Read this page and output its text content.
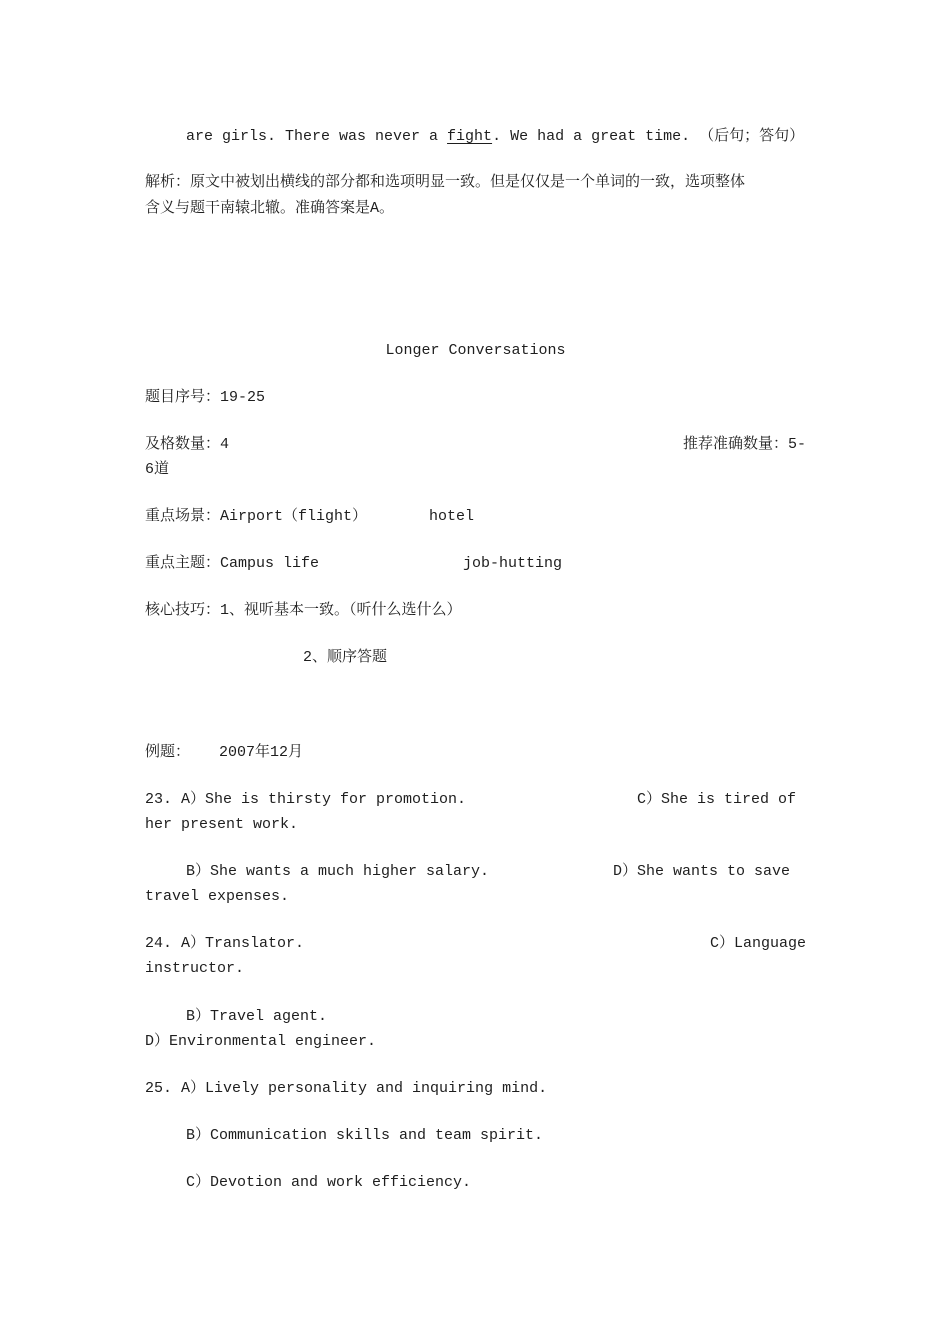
are girls. There was never a fight. We had a great time. （后句；答句）
解析：原文中被划出横线的部分都和选项明显一致。但是仅仅是一个单词的一致，选项整体
含义与题干南辕北辙。准确答案是A。
Longer Conversations
题目序号：19-25
及格数量：4	推荐准确数量：5-
6道
重点场景：Airport（flight）	hotel
重点主题：Campus life	job-hutting
核心技巧：1、视听基本一致。（听什么选什么）
2、顺序答题
例题： 2007年12月
23. A）She is thirsty for promotion.	C）She is tired of
her present work.
B）She wants a much higher salary.	D）She wants to save
travel expenses.
24. A）Translator.	C）Language
instructor.
B）Travel agent.
D）Environmental engineer.
25. A）Lively personality and inquiring mind.
B）Communication skills and team spirit.
C）Devotion and work efficiency.
